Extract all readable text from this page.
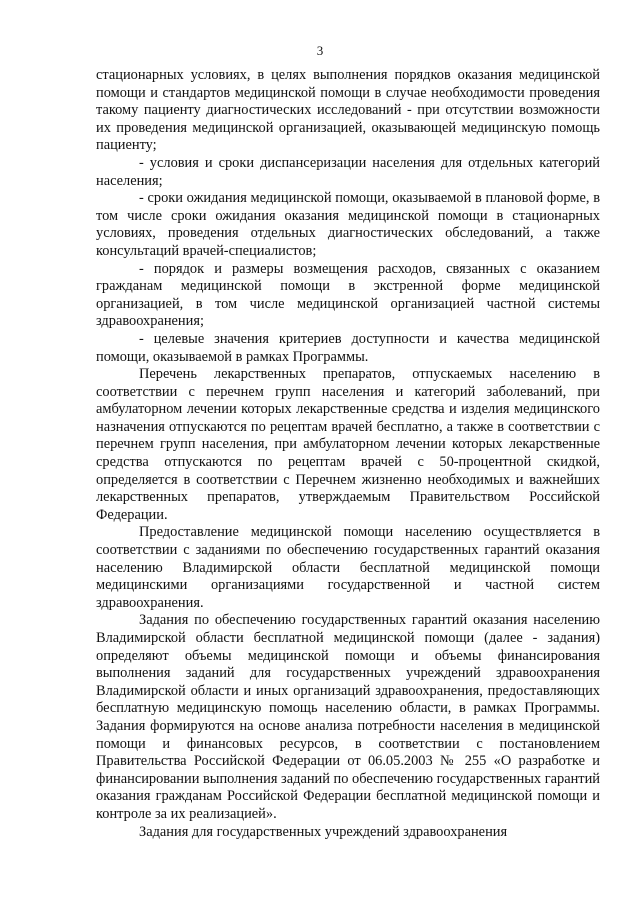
3

стационарных условиях, в целях выполнения порядков оказания медицинской помощи и стандартов медицинской помощи в случае необходимости проведения такому пациенту диагностических исследований - при отсутствии возможности их проведения медицинской организацией, оказывающей медицинскую помощь пациенту;

- условия и сроки диспансеризации населения для отдельных категорий населения;

- сроки ожидания медицинской помощи, оказываемой в плановой форме, в том числе сроки ожидания оказания медицинской помощи в стационарных условиях, проведения отдельных диагностических обследований, а также консультаций врачей-специалистов;

- порядок и размеры возмещения расходов, связанных с оказанием гражданам медицинской помощи в экстренной форме медицинской организацией, в том числе медицинской организацией частной системы здравоохранения;

- целевые значения критериев доступности и качества медицинской помощи, оказываемой в рамках Программы.

Перечень лекарственных препаратов, отпускаемых населению в соответствии с перечнем групп населения и категорий заболеваний, при амбулаторном лечении которых лекарственные средства и изделия медицинского назначения отпускаются по рецептам врачей бесплатно, а также в соответствии с перечнем групп населения, при амбулаторном лечении которых лекарственные средства отпускаются по рецептам врачей с 50-процентной скидкой, определяется в соответствии с Перечнем жизненно необходимых и важнейших лекарственных препаратов, утверждаемым Правительством Российской Федерации.

Предоставление медицинской помощи населению осуществляется в соответствии с заданиями по обеспечению государственных гарантий оказания населению Владимирской области бесплатной медицинской помощи медицинскими организациями государственной и частной систем здравоохранения.

Задания по обеспечению государственных гарантий оказания населению Владимирской области бесплатной медицинской помощи (далее - задания) определяют объемы медицинской помощи и объемы финансирования выполнения заданий для государственных учреждений здравоохранения Владимирской области и иных организаций здравоохранения, предоставляющих бесплатную медицинскую помощь населению области, в рамках Программы. Задания формируются на основе анализа потребности населения в медицинской помощи и финансовых ресурсов, в соответствии с постановлением Правительства Российской Федерации от 06.05.2003 № 255 «О разработке и финансировании выполнения заданий по обеспечению государственных гарантий оказания гражданам Российской Федерации бесплатной медицинской помощи и контроле за их реализацией».

Задания для государственных учреждений здравоохранения
